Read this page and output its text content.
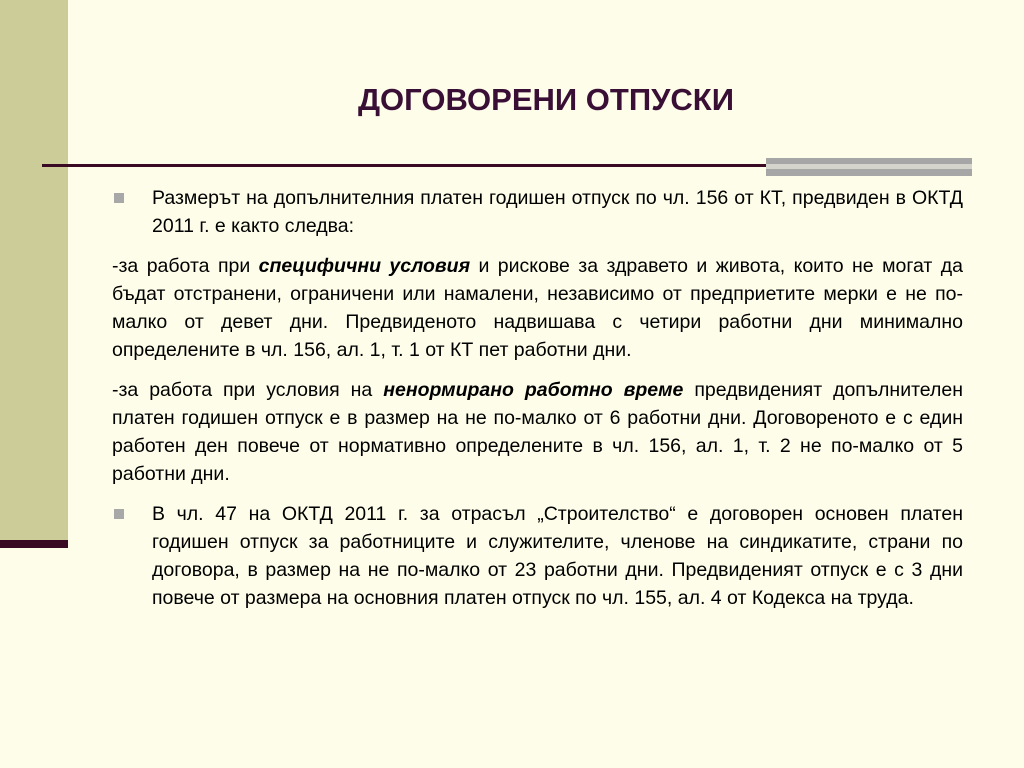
ДОГОВОРЕНИ ОТПУСКИ

Размерът на допълнителния платен годишен отпуск по чл. 156 от КТ, предвиден в ОКТД 2011 г. е както следва:

-за работа при специфични условия и рискове за здравето и живота, които не могат да бъдат отстранени, ограничени или намалени, независимо от предприетите мерки е не по-малко от девет дни. Предвиденото надвишава с четири работни дни минимално определените в чл. 156, ал. 1, т. 1 от КТ пет работни дни.

-за работа при условия на ненормирано работно време предвиденият допълнителен платен годишен отпуск е в размер на не по-малко от 6 работни дни. Договореното е с един работен ден повече от нормативно определените в чл. 156, ал. 1, т. 2 не по-малко от 5 работни дни.

В чл. 47 на ОКТД 2011 г. за отрасъл „Строителство“ е договорен основен платен годишен отпуск за работниците и служителите, членове на синдикатите, страни по договора, в размер на не по-малко от 23 работни дни. Предвиденият отпуск е с 3 дни повече от размера на основния платен отпуск по чл. 155, ал. 4 от Кодекса на труда.
